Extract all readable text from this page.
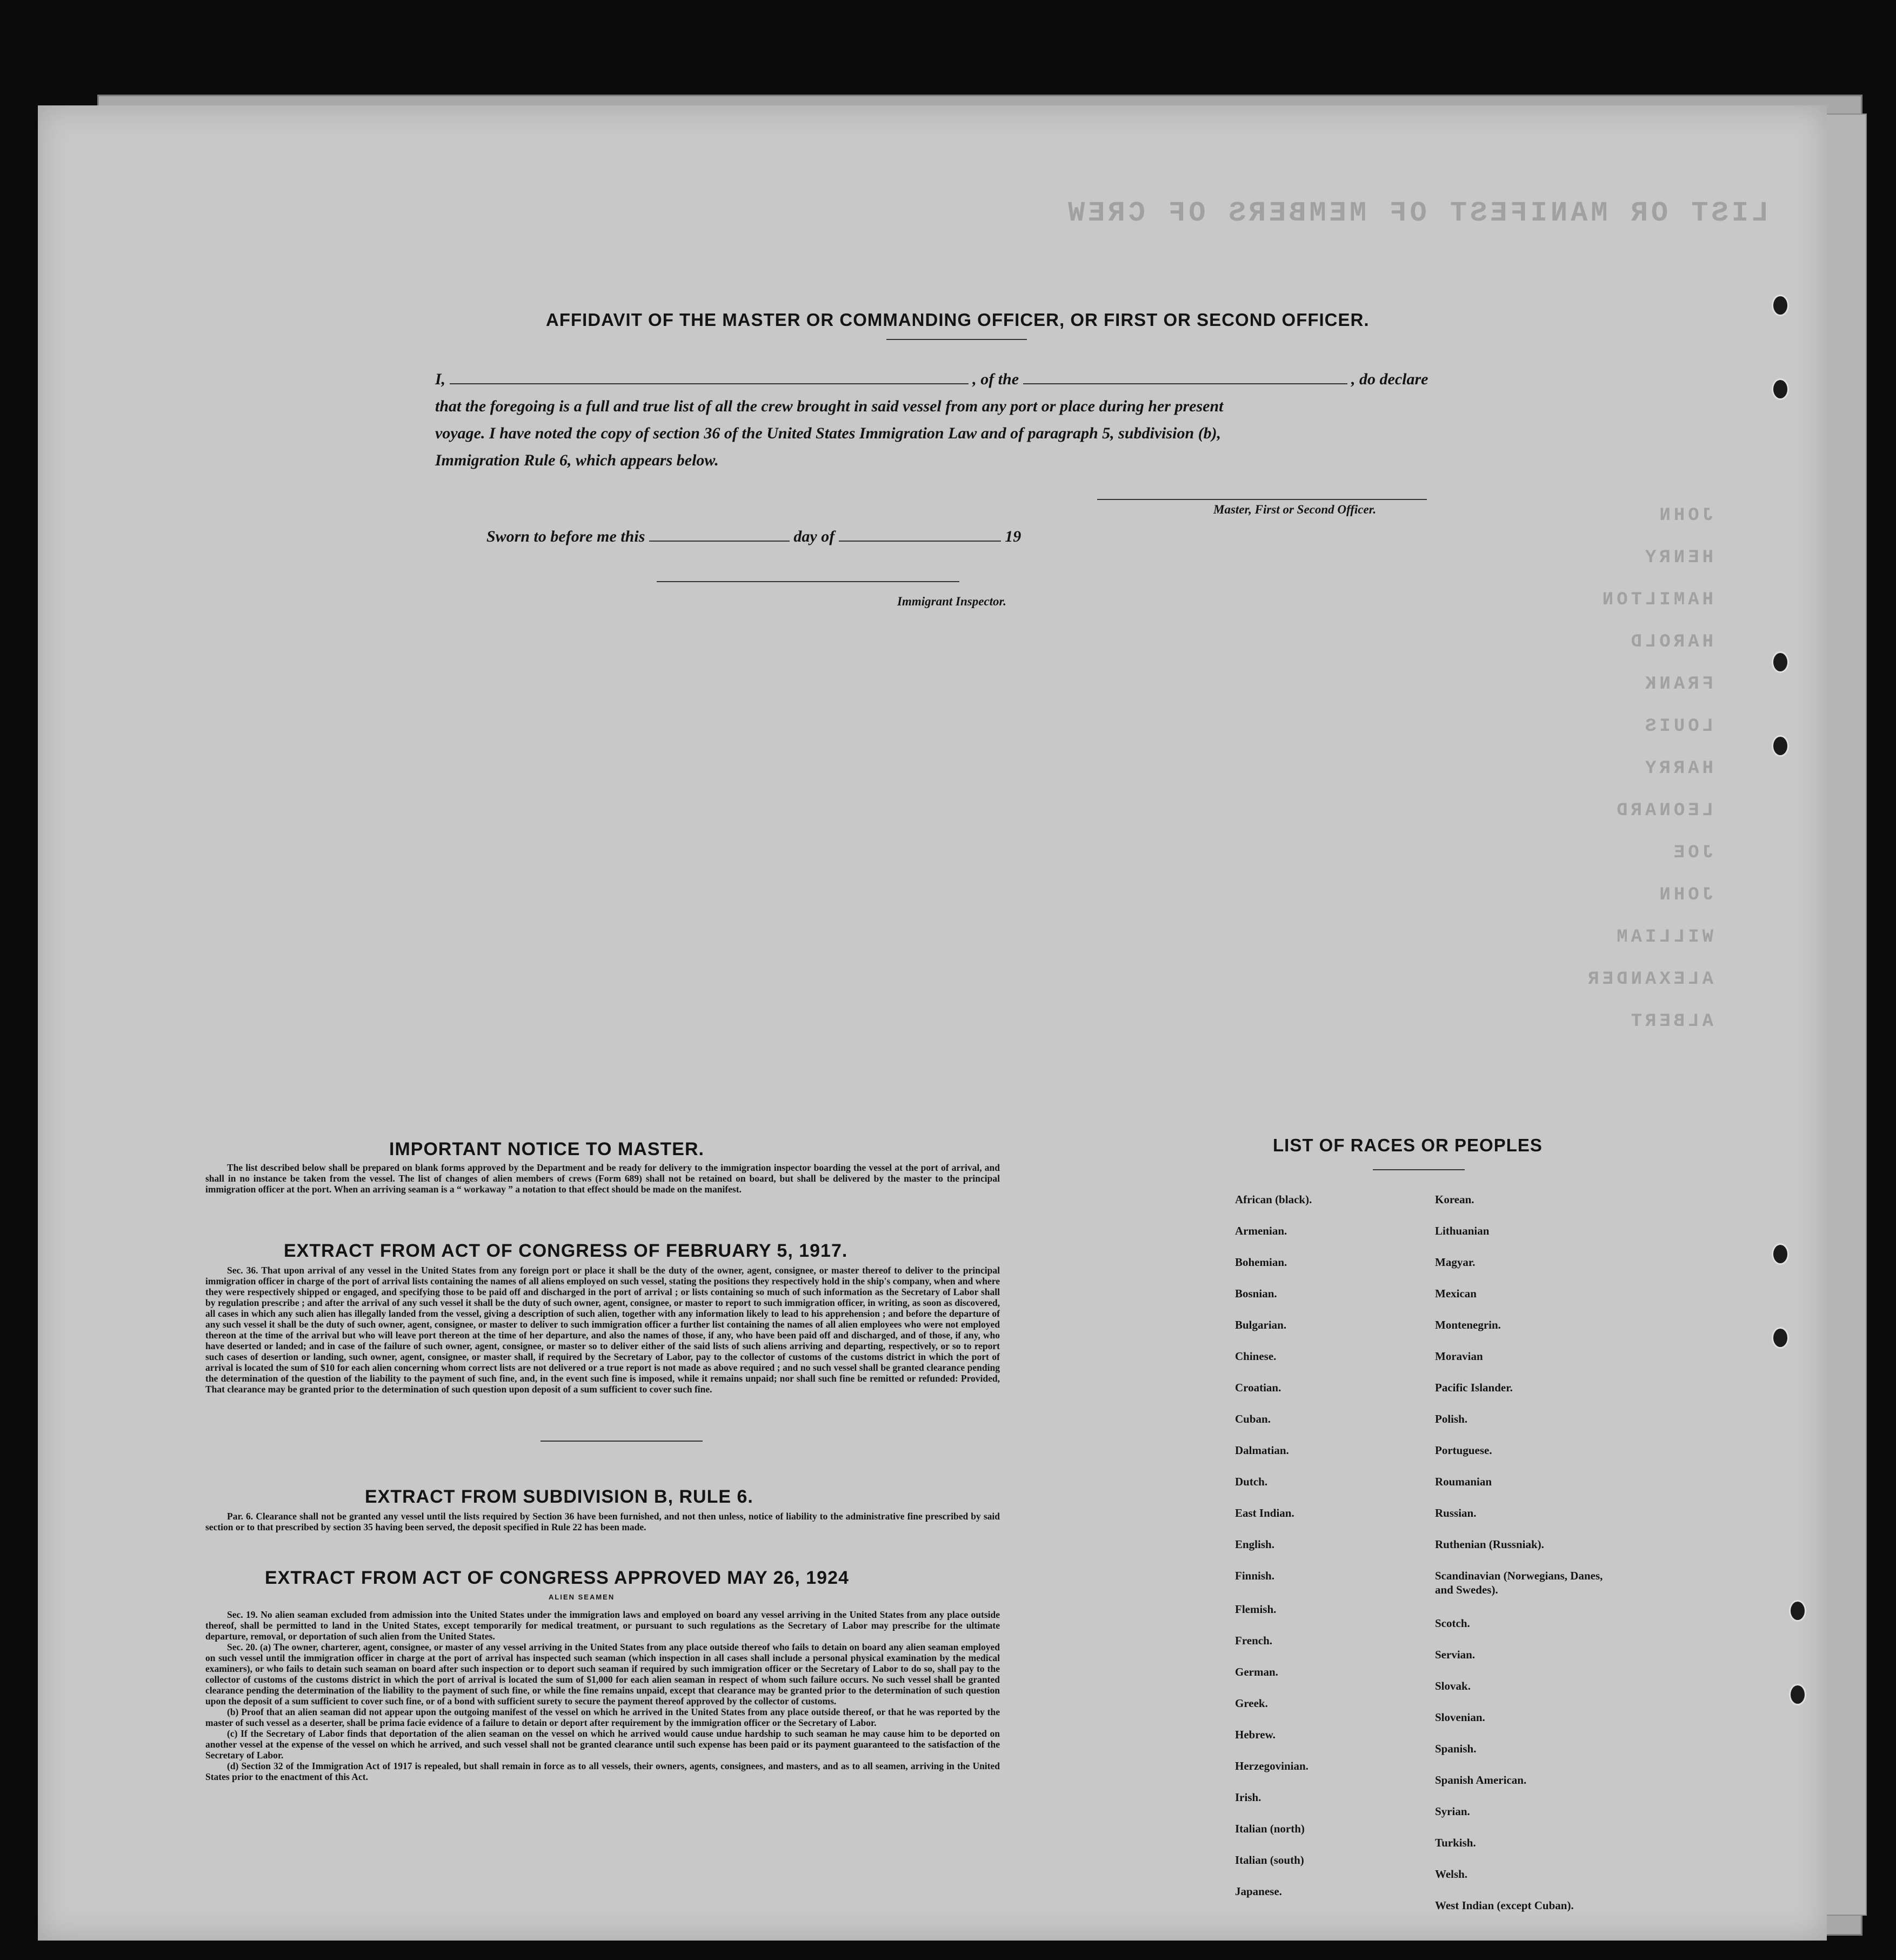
LIST OR MANIFEST OF MEMBERS OF CREW
JOHN
HENRY
HAMILTON
HAROLD
FRANK
LOUIS
HARRY
LEONARD
JOE
JOHN
WILLIAM
ALEXANDER
ALBERT
AFFIDAVIT OF THE MASTER OR COMMANDING OFFICER, OR FIRST OR SECOND OFFICER.
I,	, of the	, do declare
that the foregoing is a full and true list of all the crew brought in said vessel from any port or place during her present
voyage. I have noted the copy of section 36 of the United States Immigration Law and of paragraph 5, subdivision (b),
Immigration Rule 6, which appears below.
Master, First or Second Officer.
Sworn to before me this	day of	19
Immigrant Inspector.
IMPORTANT NOTICE TO MASTER.
The list described below shall be prepared on blank forms approved by the Department and be ready for delivery to the immigration inspector boarding the vessel at the port of arrival, and shall in no instance be taken from the vessel. The list of changes of alien members of crews (Form 689) shall not be retained on board, but shall be delivered by the master to the principal immigration officer at the port. When an arriving seaman is a “ workaway ” a notation to that effect should be made on the manifest.
EXTRACT FROM ACT OF CONGRESS OF FEBRUARY 5, 1917.
Sec. 36. That upon arrival of any vessel in the United States from any foreign port or place it shall be the duty of the owner, agent, consignee, or master thereof to deliver to the principal immigration officer in charge of the port of arrival lists containing the names of all aliens employed on such vessel, stating the positions they respectively hold in the ship's company, when and where they were respectively shipped or engaged, and specifying those to be paid off and discharged in the port of arrival ; or lists containing so much of such information as the Secretary of Labor shall by regulation prescribe ; and after the arrival of any such vessel it shall be the duty of such owner, agent, consignee, or master to report to such immigration officer, in writing, as soon as discovered, all cases in which any such alien has illegally landed from the vessel, giving a description of such alien, together with any information likely to lead to his apprehension ; and before the departure of any such vessel it shall be the duty of such owner, agent, consignee, or master to deliver to such immigration officer a further list containing the names of all alien employees who were not employed thereon at the time of the arrival but who will leave port thereon at the time of her departure, and also the names of those, if any, who have been paid off and discharged, and of those, if any, who have deserted or landed; and in case of the failure of such owner, agent, consignee, or master so to deliver either of the said lists of such aliens arriving and departing, respectively, or so to report such cases of desertion or landing, such owner, agent, consignee, or master shall, if required by the Secretary of Labor, pay to the collector of customs of the customs district in which the port of arrival is located the sum of $10 for each alien concerning whom correct lists are not delivered or a true report is not made as above required ; and no such vessel shall be granted clearance pending the determination of the question of the liability to the payment of such fine, and, in the event such fine is imposed, while it remains unpaid; nor shall such fine be remitted or refunded: Provided, That clearance may be granted prior to the determination of such question upon deposit of a sum sufficient to cover such fine.
EXTRACT FROM SUBDIVISION B, RULE 6.
Par. 6. Clearance shall not be granted any vessel until the lists required by Section 36 have been furnished, and not then unless, notice of liability to the administrative fine prescribed by said section or to that prescribed by section 35 having been served, the deposit specified in Rule 22 has been made.
EXTRACT FROM ACT OF CONGRESS APPROVED MAY 26, 1924
ALIEN SEAMEN
Sec. 19. No alien seaman excluded from admission into the United States under the immigration laws and employed on board any vessel arriving in the United States from any place outside thereof, shall be permitted to land in the United States, except temporarily for medical treatment, or pursuant to such regulations as the Secretary of Labor may prescribe for the ultimate departure, removal, or deportation of such alien from the United States.
Sec. 20. (a) The owner, charterer, agent, consignee, or master of any vessel arriving in the United States from any place outside thereof who fails to detain on board any alien seaman employed on such vessel until the immigration officer in charge at the port of arrival has inspected such seaman (which inspection in all cases shall include a personal physical examination by the medical examiners), or who fails to detain such seaman on board after such inspection or to deport such seaman if required by such immigration officer or the Secretary of Labor to do so, shall pay to the collector of customs of the customs district in which the port of arrival is located the sum of $1,000 for each alien seaman in respect of whom such failure occurs. No such vessel shall be granted clearance pending the determination of the liability to the payment of such fine, or while the fine remains unpaid, except that clearance may be granted prior to the determination of such question upon the deposit of a sum sufficient to cover such fine, or of a bond with sufficient surety to secure the payment thereof approved by the collector of customs.
(b) Proof that an alien seaman did not appear upon the outgoing manifest of the vessel on which he arrived in the United States from any place outside thereof, or that he was reported by the master of such vessel as a deserter, shall be prima facie evidence of a failure to detain or deport after requirement by the immigration officer or the Secretary of Labor.
(c) If the Secretary of Labor finds that deportation of the alien seaman on the vessel on which he arrived would cause undue hardship to such seaman he may cause him to be deported on another vessel at the expense of the vessel on which he arrived, and such vessel shall not be granted clearance until such expense has been paid or its payment guaranteed to the satisfaction of the Secretary of Labor.
(d) Section 32 of the Immigration Act of 1917 is repealed, but shall remain in force as to all vessels, their owners, agents, consignees, and masters, and as to all seamen, arriving in the United States prior to the enactment of this Act.
LIST OF RACES OR PEOPLES
African (black).
Armenian.
Bohemian.
Bosnian.
Bulgarian.
Chinese.
Croatian.
Cuban.
Dalmatian.
Dutch.
East Indian.
English.
Finnish.
Flemish.
French.
German.
Greek.
Hebrew.
Herzegovinian.
Irish.
Italian (north)
Italian (south)
Japanese.
Korean.
Lithuanian
Magyar.
Mexican
Montenegrin.
Moravian
Pacific Islander.
Polish.
Portuguese.
Roumanian
Russian.
Ruthenian (Russniak).
Scandinavian (Norwegians, Danes, and Swedes).
Scotch.
Servian.
Slovak.
Slovenian.
Spanish.
Spanish American.
Syrian.
Turkish.
Welsh.
West Indian (except Cuban).
